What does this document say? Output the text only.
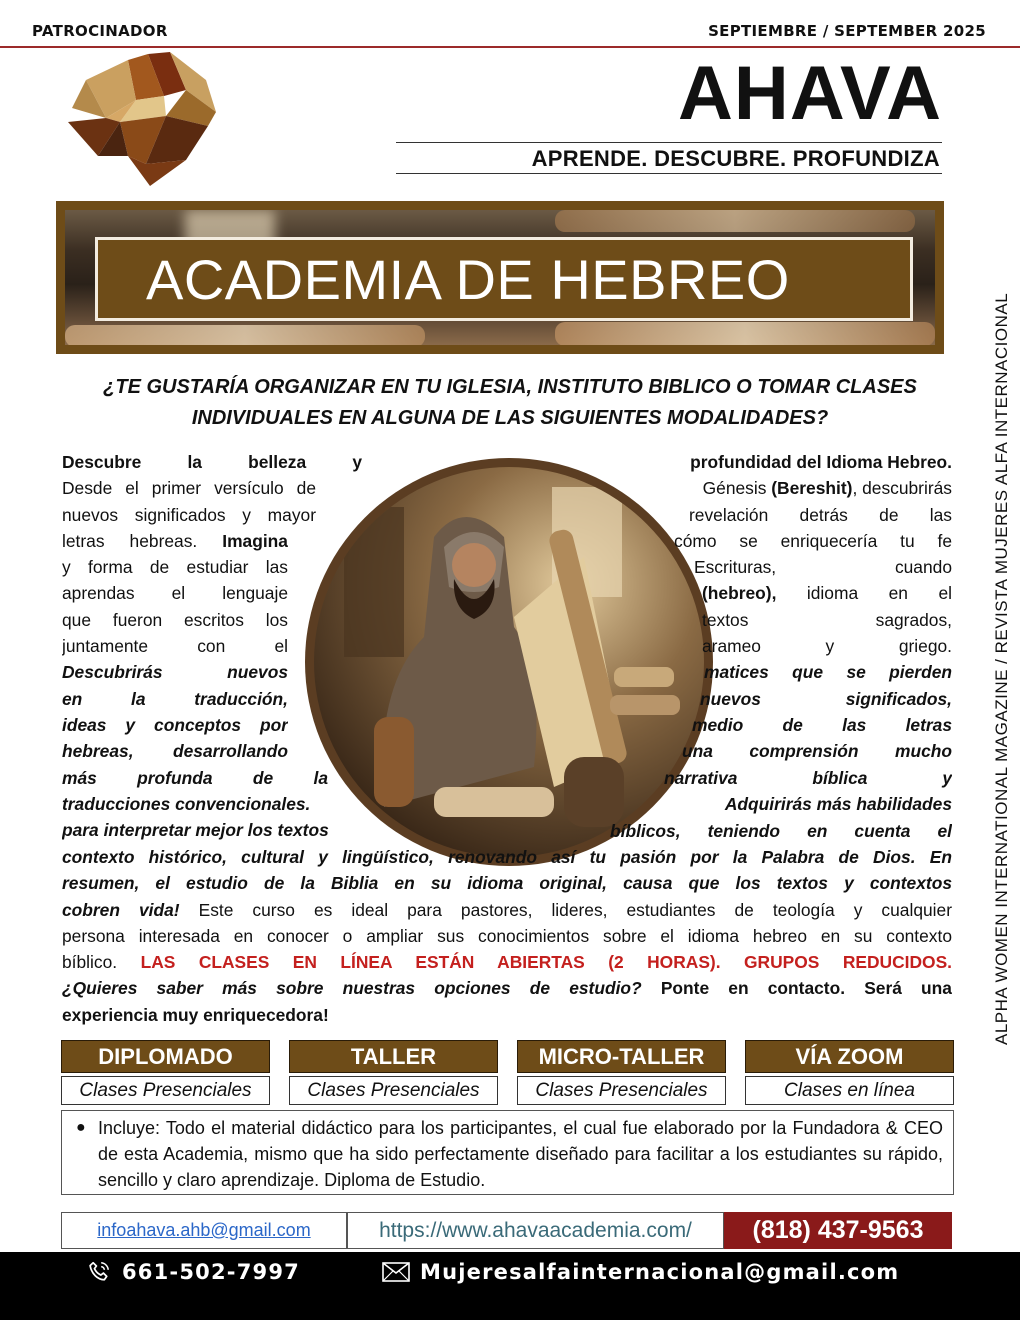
PATROCINADOR	SEPTIEMBRE / SEPTEMBER 2025
AHAVA
APRENDE. DESCUBRE. PROFUNDIZA
ALPHA WOMEN INTERNATIONAL MAGAZINE / REVISTA MUJERES ALFA INTERNACIONAL
ACADEMIA DE HEBREO
¿TE GUSTARÍA ORGANIZAR EN TU IGLESIA, INSTITUTO BIBLICO O TOMAR CLASES
INDIVIDUALES EN ALGUNA DE LAS SIGUIENTES MODALIDADES?
Descubre la belleza y
Desde el primer versículo de
nuevos significados y mayor
letras hebreas. Imagina
y forma de estudiar las
aprendas el lenguaje
que fueron escritos los
juntamente con el
Descubrirás nuevos
en la traducción,
ideas y conceptos por
hebreas, desarrollando
más profunda de la
traducciones convencionales.
para interpretar mejor los textos
profundidad del Idioma Hebreo.
Génesis (Bereshit), descubrirás
revelación detrás de las
cómo se enriquecería tu fe
Escrituras, cuando
(hebreo), idioma en el
textos sagrados,
arameo y griego.
matices que se pierden
nuevos significados,
medio de las letras
una comprensión mucho
narrativa bíblica y
Adquirirás más habilidades
bíblicos, teniendo en cuenta el
contexto histórico, cultural y lingüístico, renovando así tu pasión por la Palabra de Dios. En
resumen, el estudio de la Biblia en su idioma original, causa que los textos y contextos
cobren vida! Este curso es ideal para pastores, lideres, estudiantes de teología y cualquier
persona interesada en conocer o ampliar sus conocimientos sobre el idioma hebreo en su contexto
bíblico. LAS CLASES EN LÍNEA ESTÁN ABIERTAS (2 HORAS). GRUPOS REDUCIDOS.
¿Quieres saber más sobre nuestras opciones de estudio? Ponte en contacto. Será una
experiencia muy enriquecedora!
DIPLOMADO	TALLER	MICRO-TALLER	VÍA ZOOM
Clases Presenciales	Clases Presenciales	Clases Presenciales	Clases en línea
● Incluye: Todo el material didáctico para los participantes, el cual fue elaborado por la Fundadora & CEO de esta Academia, mismo que ha sido perfectamente diseñado para facilitar a los estudiantes su rápido, sencillo y claro aprendizaje. Diploma de Estudio.
infoahava.ahb@gmail.com	https://www.ahavaacademia.com/	(818) 437-9563
661-502-7997	Mujeresalfainternacional@gmail.com
